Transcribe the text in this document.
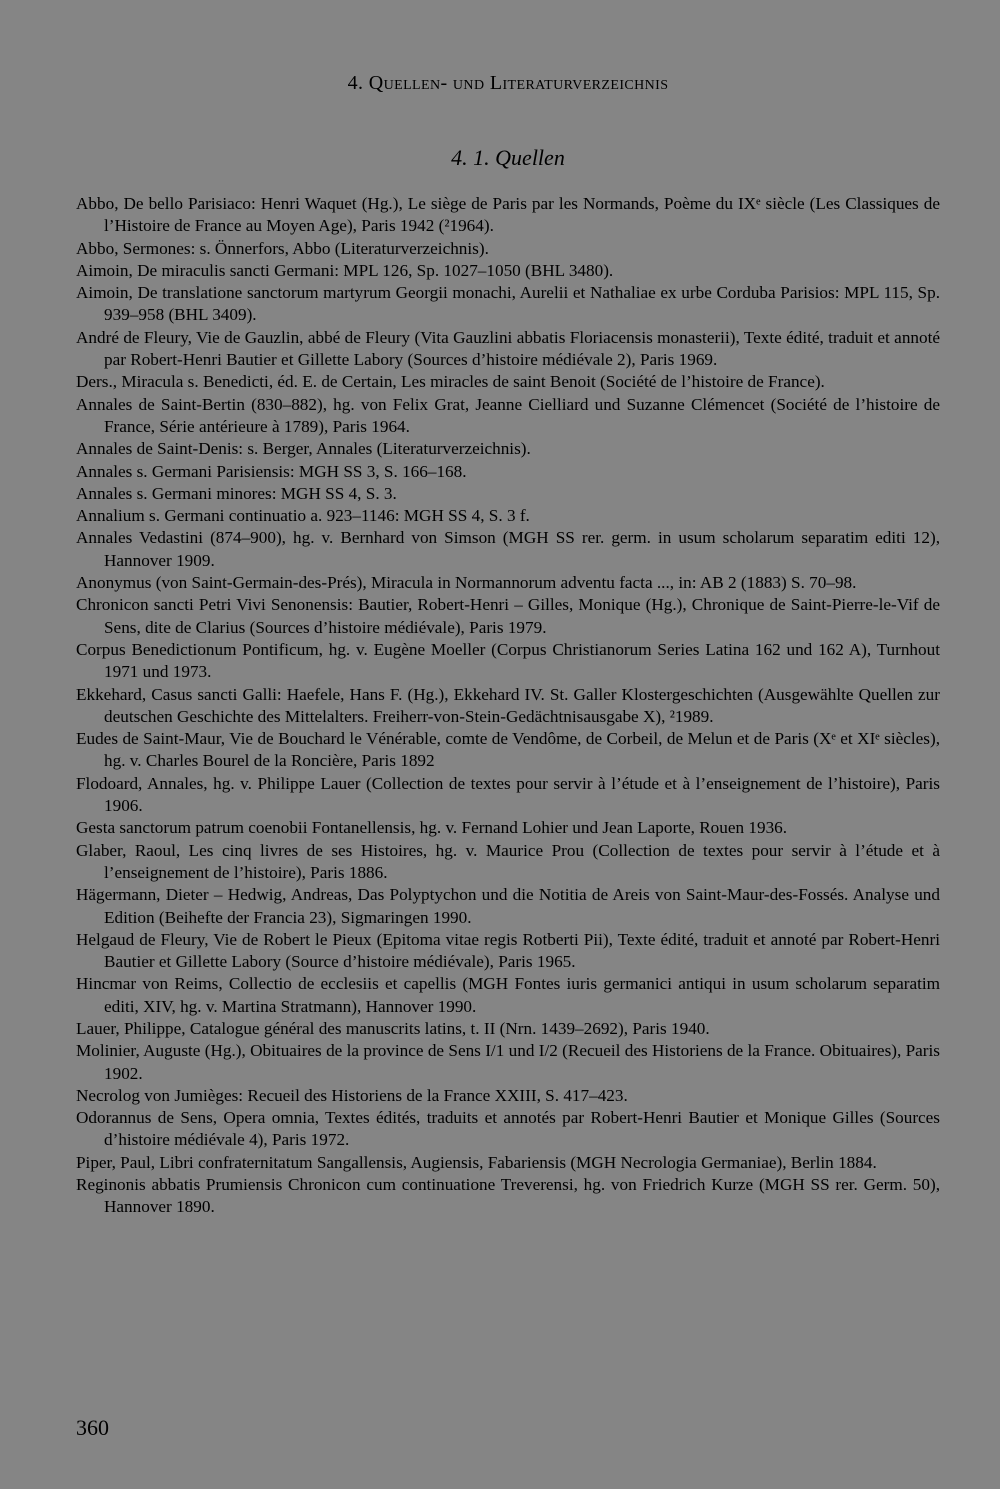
4. Quellen- und Literaturverzeichnis
4. 1. Quellen

Abbo, De bello Parisiaco: Henri Waquet (Hg.), Le siège de Paris par les Normands, Poème du IXᵉ siècle (Les Classiques de l’Histoire de France au Moyen Age), Paris 1942 (²1964).

Abbo, Sermones: s. Önnerfors, Abbo (Literaturverzeichnis).

Aimoin, De miraculis sancti Germani: MPL 126, Sp. 1027–1050 (BHL 3480).

Aimoin, De translatione sanctorum martyrum Georgii monachi, Aurelii et Nathaliae ex urbe Corduba Parisios: MPL 115, Sp. 939–958 (BHL 3409).

André de Fleury, Vie de Gauzlin, abbé de Fleury (Vita Gauzlini abbatis Floriacensis monasterii), Texte édité, traduit et annoté par Robert-Henri Bautier et Gillette Labory (Sources d’histoire médiévale 2), Paris 1969.

Ders., Miracula s. Benedicti, éd. E. de Certain, Les miracles de saint Benoit (Société de l’histoire de France).

Annales de Saint-Bertin (830–882), hg. von Felix Grat, Jeanne Cielliard und Suzanne Clémencet (Société de l’histoire de France, Série antérieure à 1789), Paris 1964.

Annales de Saint-Denis: s. Berger, Annales (Literaturverzeichnis).

Annales s. Germani Parisiensis: MGH SS 3, S. 166–168.

Annales s. Germani minores: MGH SS 4, S. 3.

Annalium s. Germani continuatio a. 923–1146: MGH SS 4, S. 3 f.

Annales Vedastini (874–900), hg. v. Bernhard von Simson (MGH SS rer. germ. in usum scholarum separatim editi 12), Hannover 1909.

Anonymus (von Saint-Germain-des-Prés), Miracula in Normannorum adventu facta ..., in: AB 2 (1883) S. 70–98.

Chronicon sancti Petri Vivi Senonensis: Bautier, Robert-Henri – Gilles, Monique (Hg.), Chronique de Saint-Pierre-le-Vif de Sens, dite de Clarius (Sources d’histoire médiévale), Paris 1979.

Corpus Benedictionum Pontificum, hg. v. Eugène Moeller (Corpus Christianorum Series Latina 162 und 162 A), Turnhout 1971 und 1973.

Ekkehard, Casus sancti Galli: Haefele, Hans F. (Hg.), Ekkehard IV. St. Galler Klostergeschichten (Ausgewählte Quellen zur deutschen Geschichte des Mittelalters. Freiherr-von-Stein-Gedächtnisausgabe X), ²1989.

Eudes de Saint-Maur, Vie de Bouchard le Vénérable, comte de Vendôme, de Corbeil, de Melun et de Paris (Xᵉ et XIᵉ siècles), hg. v. Charles Bourel de la Roncière, Paris 1892

Flodoard, Annales, hg. v. Philippe Lauer (Collection de textes pour servir à l’étude et à l’enseignement de l’histoire), Paris 1906.

Gesta sanctorum patrum coenobii Fontanellensis, hg. v. Fernand Lohier und Jean Laporte, Rouen 1936.

Glaber, Raoul, Les cinq livres de ses Histoires, hg. v. Maurice Prou (Collection de textes pour servir à l’étude et à l’enseignement de l’histoire), Paris 1886.

Hägermann, Dieter – Hedwig, Andreas, Das Polyptychon und die Notitia de Areis von Saint-Maur-des-Fossés. Analyse und Edition (Beihefte der Francia 23), Sigmaringen 1990.

Helgaud de Fleury, Vie de Robert le Pieux (Epitoma vitae regis Rotberti Pii), Texte édité, traduit et annoté par Robert-Henri Bautier et Gillette Labory (Source d’histoire médiévale), Paris 1965.

Hincmar von Reims, Collectio de ecclesiis et capellis (MGH Fontes iuris germanici antiqui in usum scholarum separatim editi, XIV, hg. v. Martina Stratmann), Hannover 1990.

Lauer, Philippe, Catalogue général des manuscrits latins, t. II (Nrn. 1439–2692), Paris 1940.

Molinier, Auguste (Hg.), Obituaires de la province de Sens I/1 und I/2 (Recueil des Historiens de la France. Obituaires), Paris 1902.

Necrolog von Jumièges: Recueil des Historiens de la France XXIII, S. 417–423.

Odorannus de Sens, Opera omnia, Textes édités, traduits et annotés par Robert-Henri Bautier et Monique Gilles (Sources d’histoire médiévale 4), Paris 1972.

Piper, Paul, Libri confraternitatum Sangallensis, Augiensis, Fabariensis (MGH Necrologia Germaniae), Berlin 1884.

Reginonis abbatis Prumiensis Chronicon cum continuatione Treverensi, hg. von Friedrich Kurze (MGH SS rer. Germ. 50), Hannover 1890.

360
